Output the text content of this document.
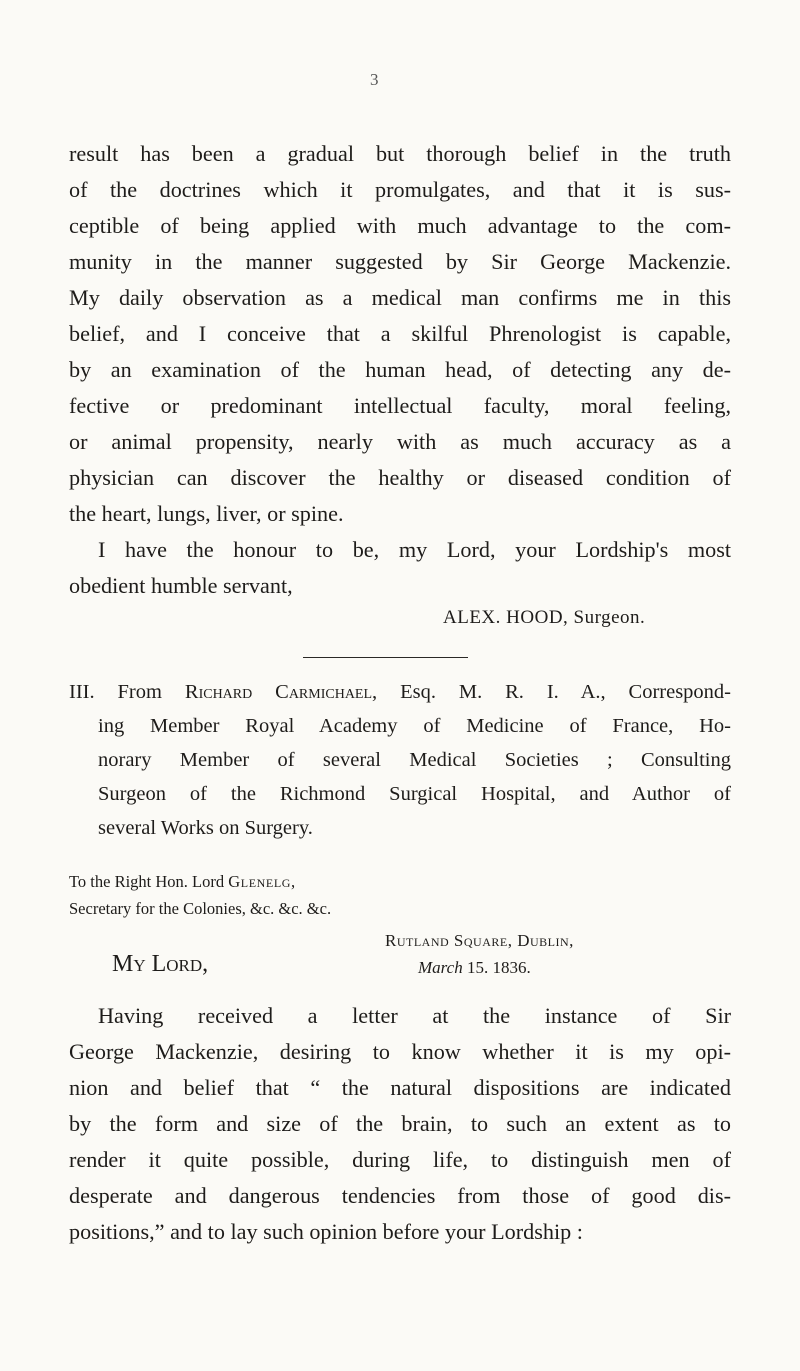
3
result has been a gradual but thorough belief in the truth
of the doctrines which it promulgates, and that it is sus-
ceptible of being applied with much advantage to the com-
munity in the manner suggested by Sir George Mackenzie.
My daily observation as a medical man confirms me in this
belief, and I conceive that a skilful Phrenologist is capable,
by an examination of the human head, of detecting any de-
fective or predominant intellectual faculty, moral feeling,
or animal propensity, nearly with as much accuracy as a
physician can discover the healthy or diseased condition of
the heart, lungs, liver, or spine.
I have the honour to be, my Lord, your Lordship's most
obedient humble servant,
ALEX. HOOD, Surgeon.
III. From Richard Carmichael, Esq. M. R. I. A., Correspond-
ing Member Royal Academy of Medicine of France, Ho-
norary Member of several Medical Societies ; Consulting
Surgeon of the Richmond Surgical Hospital, and Author of
several Works on Surgery.
To the Right Hon. Lord Glenelg,
Secretary for the Colonies, &c. &c. &c.
Rutland Square, Dublin,
My Lord,	March 15. 1836.
Having received a letter at the instance of Sir
George Mackenzie, desiring to know whether it is my opi-
nion and belief that “ the natural dispositions are indicated
by the form and size of the brain, to such an extent as to
render it quite possible, during life, to distinguish men of
desperate and dangerous tendencies from those of good dis-
positions,” and to lay such opinion before your Lordship :
